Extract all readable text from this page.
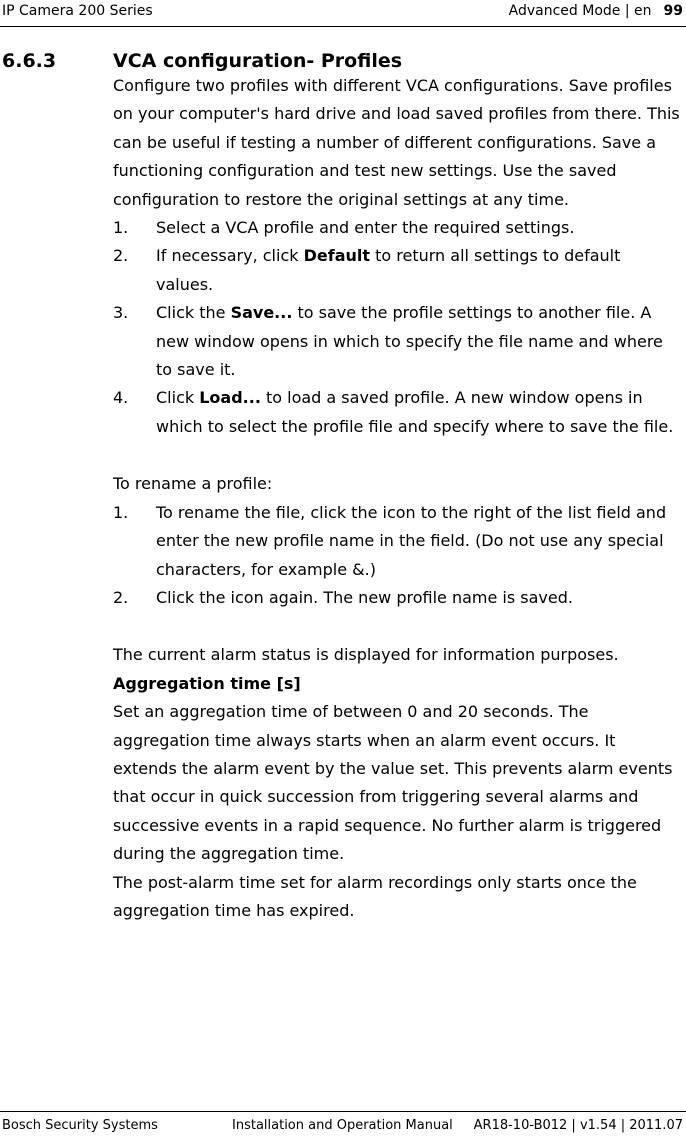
IP Camera 200 Series	Advanced Mode | en 99
6.6.3	VCA configuration- Profiles

Configure two profiles with different VCA configurations. Save profiles on your computer's hard drive and load saved profiles from there. This can be useful if testing a number of different configurations. Save a functioning configuration and test new settings. Use the saved configuration to restore the original settings at any time.

1. Select a VCA profile and enter the required settings.
2. If necessary, click Default to return all settings to default values.
3. Click the Save... to save the profile settings to another file. A new window opens in which to specify the file name and where to save it.
4. Click Load... to load a saved profile. A new window opens in which to select the profile file and specify where to save the file.

To rename a profile:

1. To rename the file, click the icon to the right of the list field and enter the new profile name in the field. (Do not use any special characters, for example &.)
2. Click the icon again. The new profile name is saved.

The current alarm status is displayed for information purposes.

Aggregation time [s]

Set an aggregation time of between 0 and 20 seconds. The aggregation time always starts when an alarm event occurs. It extends the alarm event by the value set. This prevents alarm events that occur in quick succession from triggering several alarms and successive events in a rapid sequence. No further alarm is triggered during the aggregation time.

The post-alarm time set for alarm recordings only starts once the aggregation time has expired.

Bosch Security Systems	Installation and Operation Manual AR18-10-B012 | v1.54 | 2011.07
